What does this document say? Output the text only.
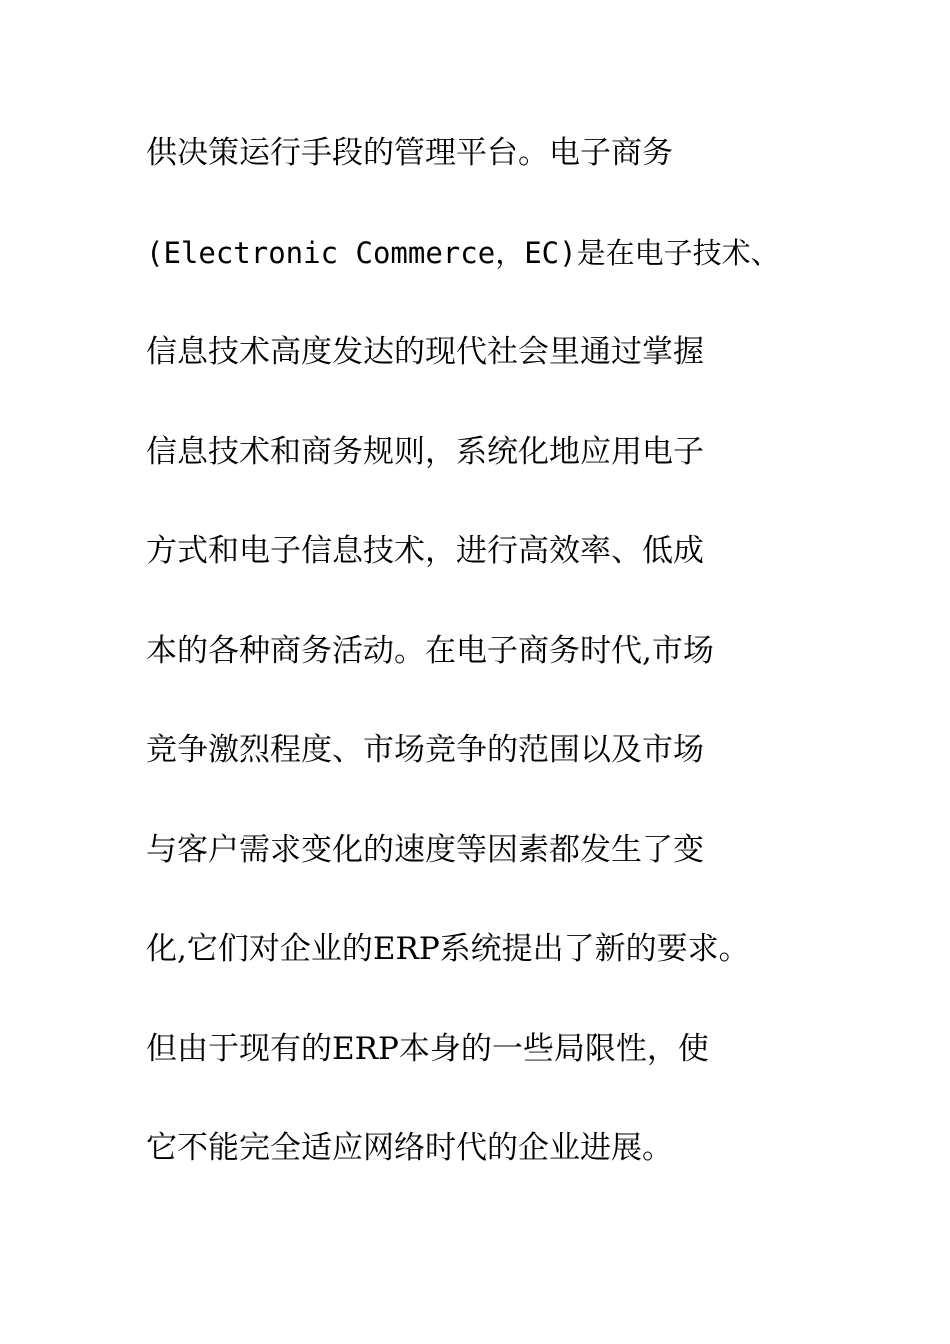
供决策运行手段的管理平台。电子商务
(Electronic Commerce，EC)是在电子技术、
信息技术高度发达的现代社会里通过掌握
信息技术和商务规则，系统化地应用电子
方式和电子信息技术，进行高效率、低成
本的各种商务活动。在电子商务时代,市场
竞争激烈程度、市场竞争的范围以及市场
与客户需求变化的速度等因素都发生了变
化,它们对企业的ERP系统提出了新的要求。
但由于现有的ERP本身的一些局限性，使
它不能完全适应网络时代的企业进展。
